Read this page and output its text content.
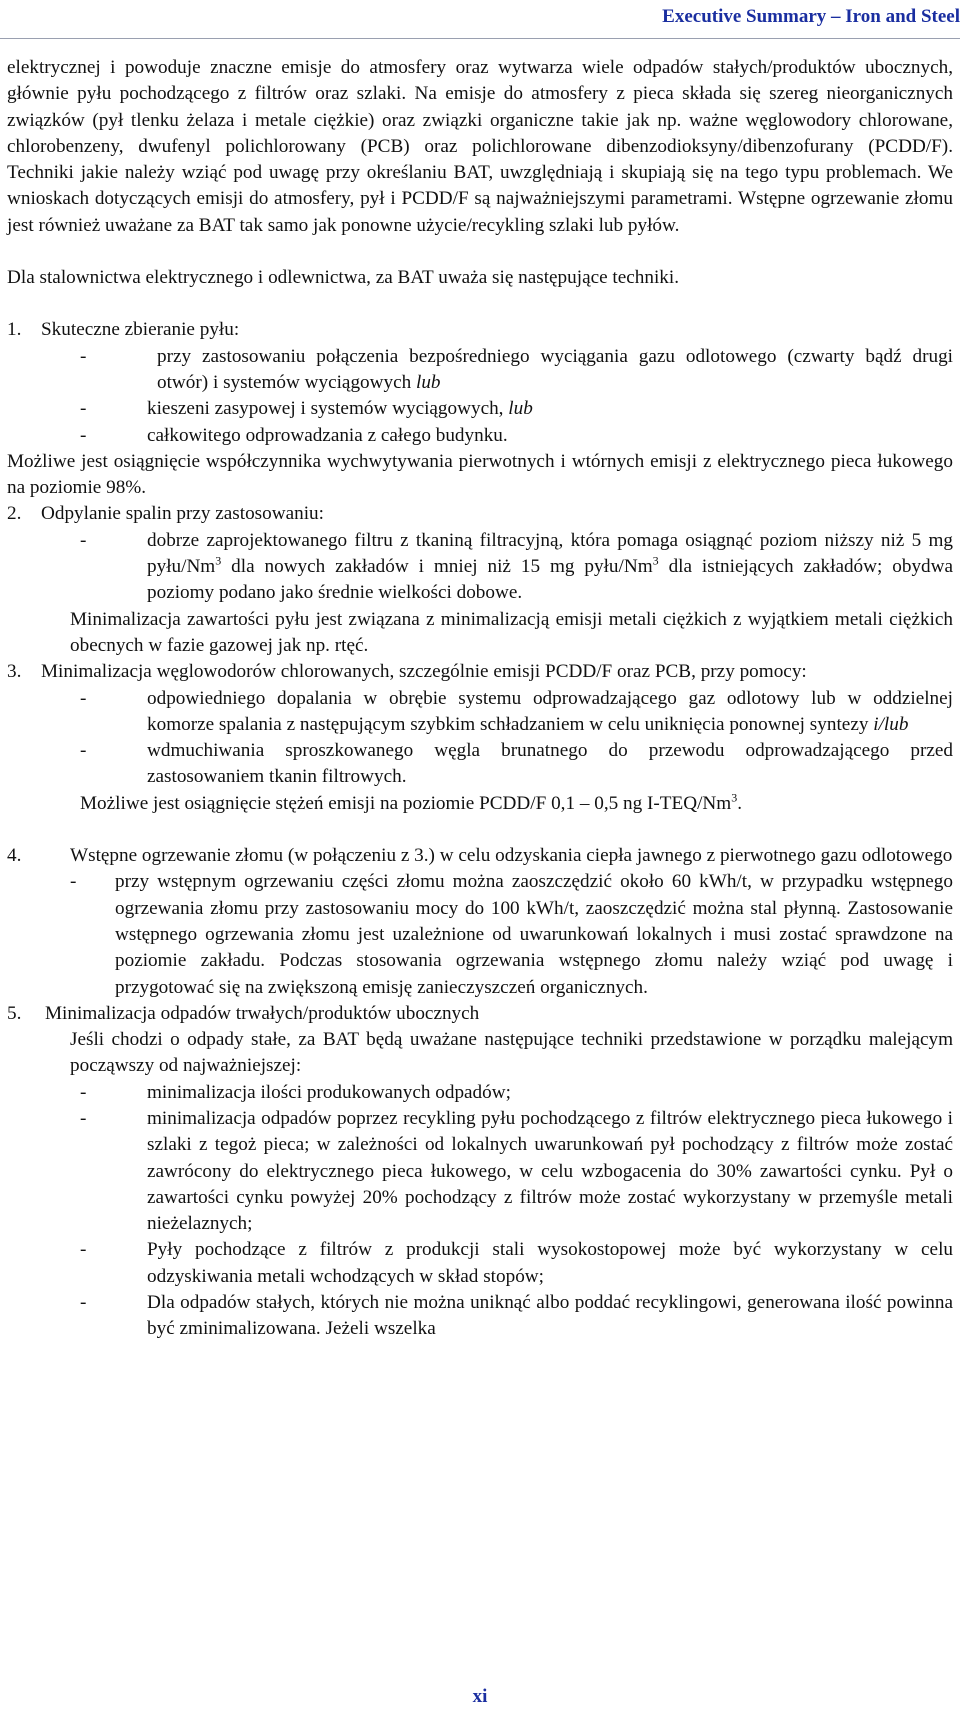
Executive Summary – Iron and Steel

elektrycznej i powoduje znaczne emisje do atmosfery oraz wytwarza wiele odpadów stałych/produktów ubocznych, głównie pyłu pochodzącego z filtrów oraz szlaki. Na emisje do atmosfery z pieca składa się szereg nieorganicznych związków (pył tlenku żelaza i metale ciężkie) oraz związki organiczne takie jak np. ważne węglowodory chlorowane, chlorobenzeny, dwufenyl polichlorowany (PCB) oraz polichlorowane dibenzodioksyny/dibenzofurany (PCDD/F). Techniki jakie należy wziąć pod uwagę przy określaniu BAT, uwzględniają i skupiają się na tego typu problemach. We wnioskach dotyczących emisji do atmosfery, pył i PCDD/F są najważniejszymi parametrami. Wstępne ogrzewanie złomu jest również uważane za BAT tak samo jak ponowne użycie/recykling szlaki lub pyłów.

Dla stalownictwa elektrycznego i odlewnictwa, za BAT uważa się następujące techniki.

1.	Skuteczne zbieranie pyłu:
-	przy zastosowaniu połączenia bezpośredniego wyciągania gazu odlotowego (czwarty bądź drugi otwór) i systemów wyciągowych lub
-	kieszeni zasypowej i systemów wyciągowych, lub
-	całkowitego odprowadzania z całego budynku.

Możliwe jest osiągnięcie współczynnika wychwytywania pierwotnych i wtórnych emisji z elektrycznego pieca łukowego na poziomie 98%.

2.	Odpylanie spalin przy zastosowaniu:
-	dobrze zaprojektowanego filtru z tkaniną filtracyjną, która pomaga osiągnąć poziom niższy niż 5 mg pyłu/Nm$^3$ dla nowych zakładów i mniej niż 15 mg pyłu/Nm$^3$ dla istniejących zakładów; obydwa poziomy podano jako średnie wielkości dobowe.

Minimalizacja zawartości pyłu jest związana z minimalizacją emisji metali ciężkich z wyjątkiem metali ciężkich obecnych w fazie gazowej jak np. rtęć.

3.	Minimalizacja węglowodorów chlorowanych, szczególnie emisji PCDD/F oraz PCB, przy pomocy:
-	odpowiedniego dopalania w obrębie systemu odprowadzającego gaz odlotowy lub w oddzielnej komorze spalania z następującym szybkim schładzaniem w celu uniknięcia ponownej syntezy i/lub
-	wdmuchiwania sproszkowanego węgla brunatnego do przewodu odprowadzającego przed zastosowaniem tkanin filtrowych.

Możliwe jest osiągnięcie stężeń emisji na poziomie PCDD/F 0,1 – 0,5 ng I-TEQ/Nm$^3$.

4.	Wstępne ogrzewanie złomu (w połączeniu z 3.) w celu odzyskania ciepła jawnego z pierwotnego gazu odlotowego
-	przy wstępnym ogrzewaniu części złomu można zaoszczędzić około 60 kWh/t, w przypadku wstępnego ogrzewania złomu przy zastosowaniu mocy do 100 kWh/t, zaoszczędzić można stal płynną. Zastosowanie wstępnego ogrzewania złomu jest uzależnione od uwarunkowań lokalnych i musi zostać sprawdzone na poziomie zakładu. Podczas stosowania ogrzewania wstępnego złomu należy wziąć pod uwagę i przygotować się na zwiększoną emisję zanieczyszczeń organicznych.
5.	Minimalizacja odpadów trwałych/produktów ubocznych

Jeśli chodzi o odpady stałe, za BAT będą uważane następujące techniki przedstawione w porządku malejącym począwszy od najważniejszej:

-	minimalizacja ilości produkowanych odpadów;
-	minimalizacja odpadów poprzez recykling pyłu pochodzącego z filtrów elektrycznego pieca łukowego i szlaki z tegoż pieca; w zależności od lokalnych uwarunkowań pył pochodzący z filtrów może zostać zawrócony do elektrycznego pieca łukowego, w celu wzbogacenia do 30% zawartości cynku. Pył o zawartości cynku powyżej 20% pochodzący z filtrów może zostać wykorzystany w przemyśle metali nieżelaznych;
-	Pyły pochodzące z filtrów z produkcji stali wysokostopowej może być wykorzystany w celu odzyskiwania metali wchodzących w skład stopów;
-	Dla odpadów stałych, których nie można uniknąć albo poddać recyklingowi, generowana ilość powinna być zminimalizowana. Jeżeli wszelka
xi
